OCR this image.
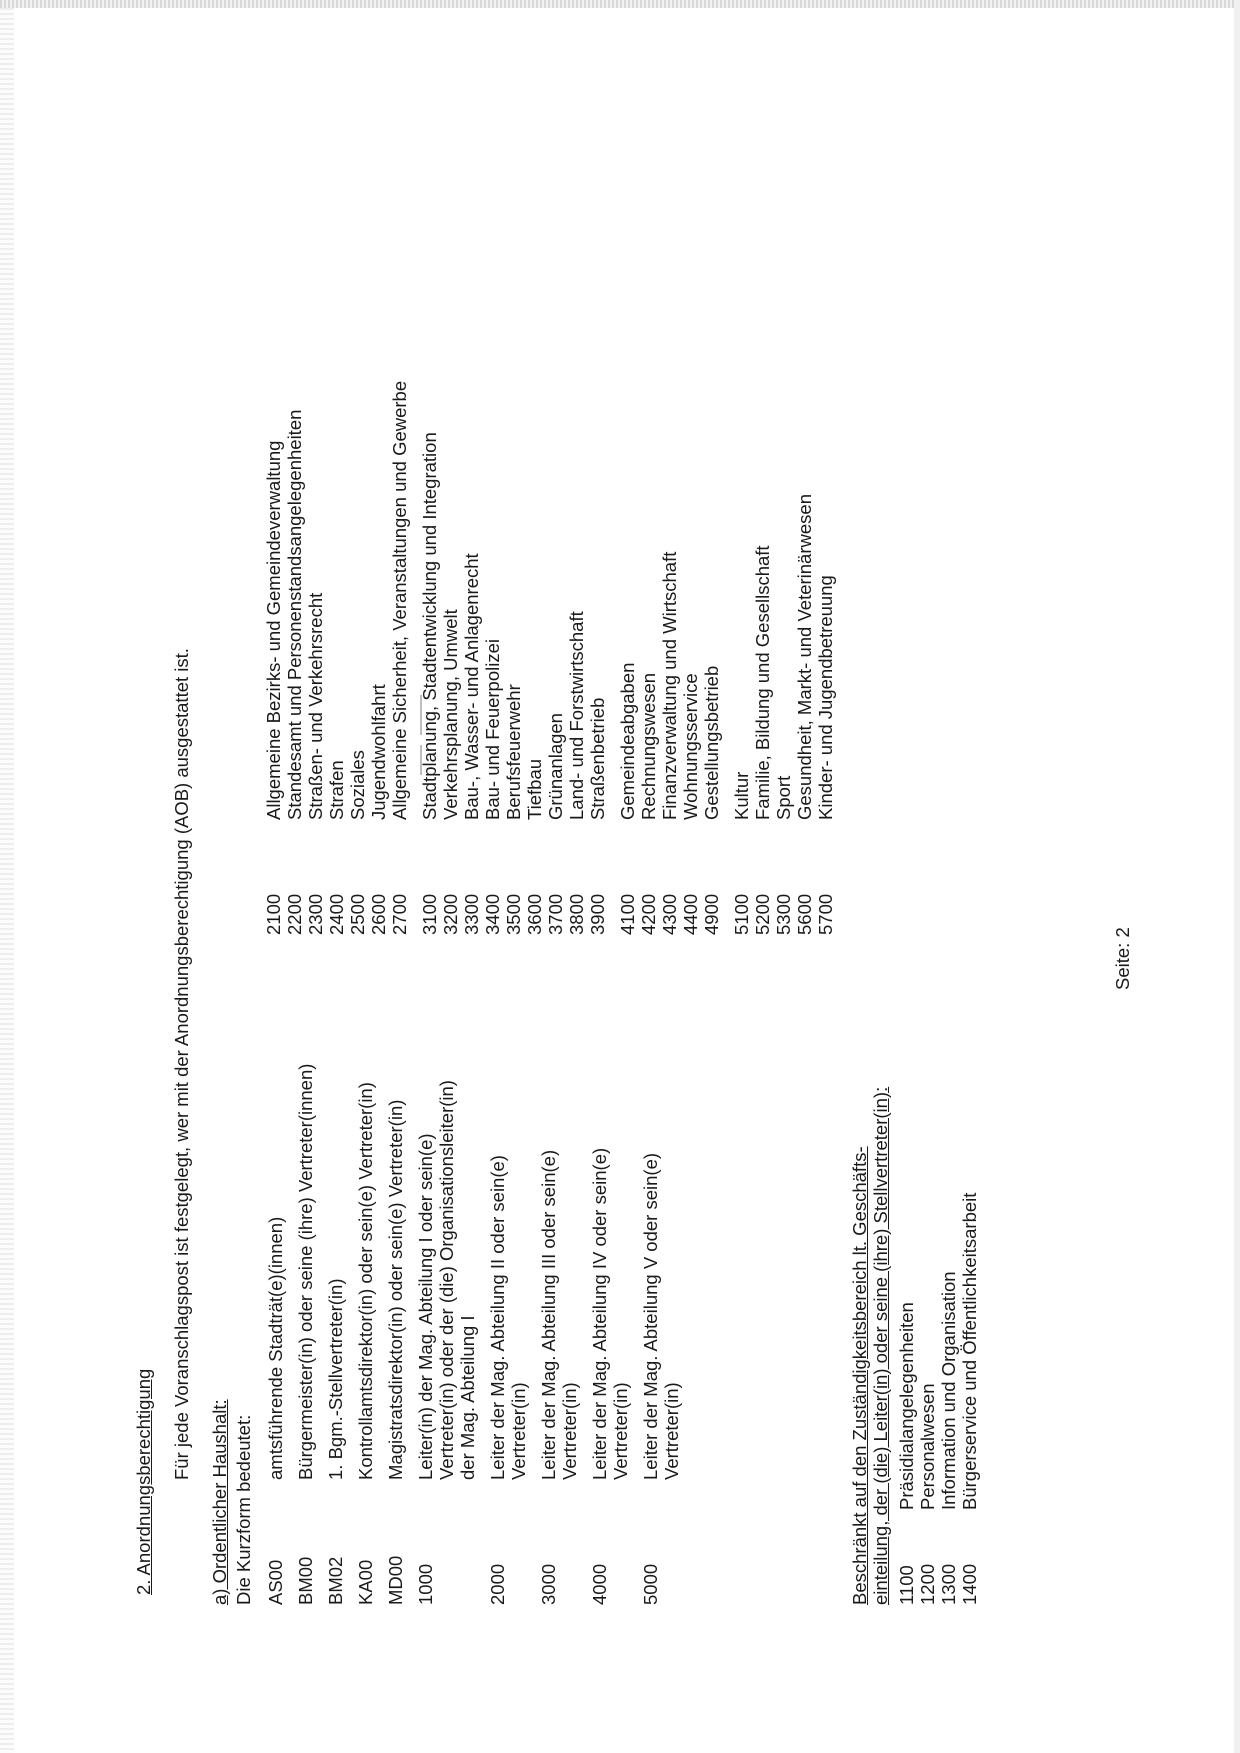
2. Anordnungsberechtigung
Für jede Voranschlagspost ist festgelegt, wer mit der Anordnungsberechtigung (AOB) ausgestattet ist.
a) Ordentlicher Haushalt: Die Kurzform bedeutet: AS00 BM00 BM02 KA00 MD00 1000	2000 3000 4000 5000
amtsführende Stadträt(e)(innen) Bürgermeister(in) oder seine (ihre) Vertreter(innen) 1. Bgm.-Stellvertreter(in) Kontrollamtsdirektor(in) oder sein(e) Vertreter(in) Magistratsdirektor(in) oder sein(e) Vertreter(in) Leiter(in) der Mag. Abteilung I oder sein(e) Vertreter(in) oder der (die) Organisationsleiter(in) der Mag. Abteilung I Leiter der Mag. Abteilung II oder sein(e) Vertreter(in) Leiter der Mag. Abteilung III oder sein(e) Vertreter(in) Leiter der Mag. Abteilung IV oder sein(e) Vertreter(in) Leiter der Mag. Abteilung V oder sein(e) Vertreter(in)
2100 2200 2300 2400 2500 2600 2700 3100 3200 3300 3400 3500 3600 3700 3800 3900 4100 4200 4300 4400 4900 5100 5200 5300 5600 5700
Allgemeine Bezirks- und Gemeindeverwaltung Standesamt und Personenstandsangelegenheiten Straßen- und Verkehrsrecht Strafen Soziales Jugendwohlfahrt Allgemeine Sicherheit, Veranstaltungen und Gewerbe Stadtplanung, Stadtentwicklung und Integration Verkehrsplanung, Umwelt Bau-, Wasser- und Anlagenrecht Bau- und Feuerpolizei Berufsfeuerwehr Tiefbau Grünanlagen Land- und Forstwirtschaft Straßenbetrieb Gemeindeabgaben Rechnungswesen Finanzverwaltung und Wirtschaft Wohnungsservice Gestellungsbetrieb Kultur Familie, Bildung und Gesellschaft Sport Gesundheit, Markt- und Veterinärwesen Kinder- und Jugendbetreuung
Beschränkt auf den Zuständigkeitsbereich lt. Geschäfts- einteilung, der (die) Leiter(in) oder seine (ihre) Stellvertreter(in): 1100 1200 1300 1400
Präsidialangelegenheiten Personalwesen Information und Organisation Bürgerservice und Öffentlichkeitsarbeit
Seite: 2
